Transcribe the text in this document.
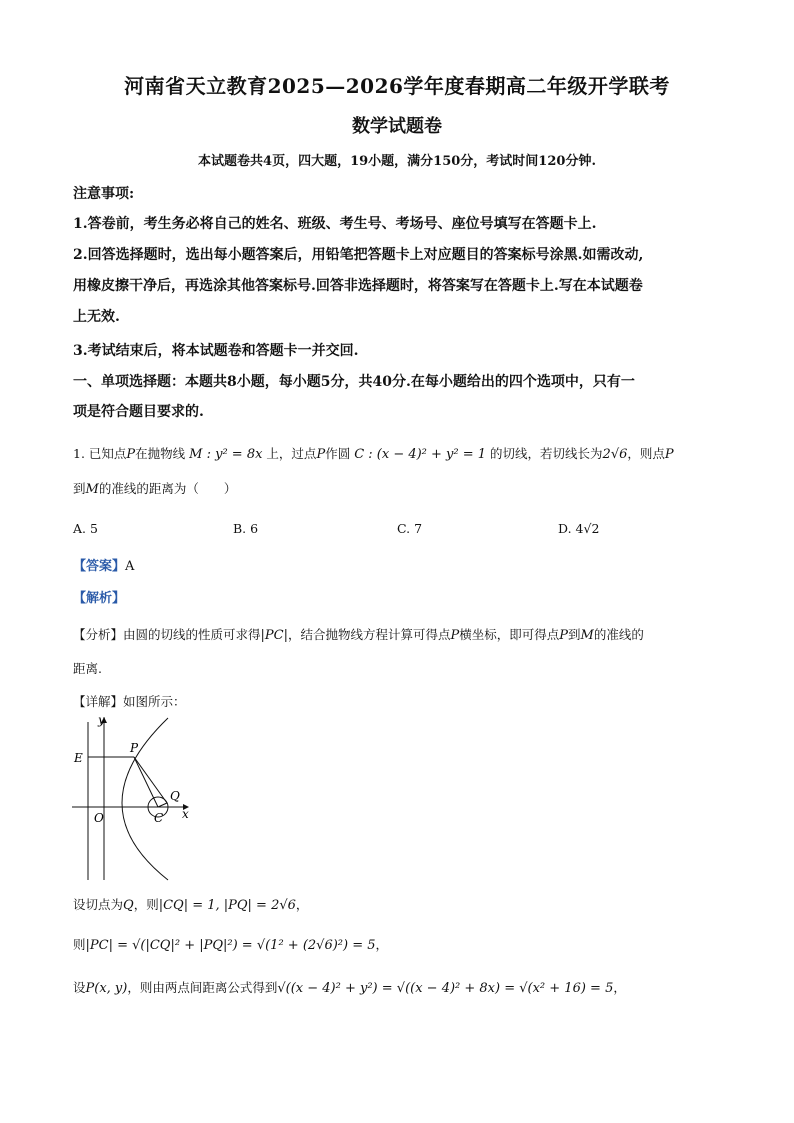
河南省天立教育2025—2026学年度春期高二年级开学联考
数学试题卷
本试题卷共4页，四大题，19小题，满分150分，考试时间120分钟.
注意事项:
1.答卷前，考生务必将自己的姓名、班级、考生号、考场号、座位号填写在答题卡上.
2.回答选择题时，选出每小题答案后，用铅笔把答题卡上对应题目的答案标号涂黑.如需改动,
用橡皮擦干净后，再选涂其他答案标号.回答非选择题时，将答案写在答题卡上.写在本试题卷
上无效.
3.考试结束后，将本试题卷和答题卡一并交回.
一、单项选择题：本题共8小题，每小题5分，共40分.在每小题给出的四个选项中，只有一
项是符合题目要求的.
1. 已知点P在抛物线 M : y² = 8x 上，过点P作圆 C : (x − 4)² + y² = 1 的切线，若切线长为2√6，则点P
到M的准线的距离为（　　）
A. 5	B. 6	C. 7	D. 4√2
【答案】A
【解析】
【分析】由圆的切线的性质可求得|PC|，结合抛物线方程计算可得点P横坐标，即可得点P到M的准线的
距离.
【详解】如图所示：
y
x
E
P
O
Q
C
设切点为Q，则|CQ| = 1, |PQ| = 2√6，
则|PC| = √(|CQ|² + |PQ|²) = √(1² + (2√6)²) = 5，
设P(x, y)，则由两点间距离公式得到√((x − 4)² + y²) = √((x − 4)² + 8x) = √(x² + 16) = 5，
